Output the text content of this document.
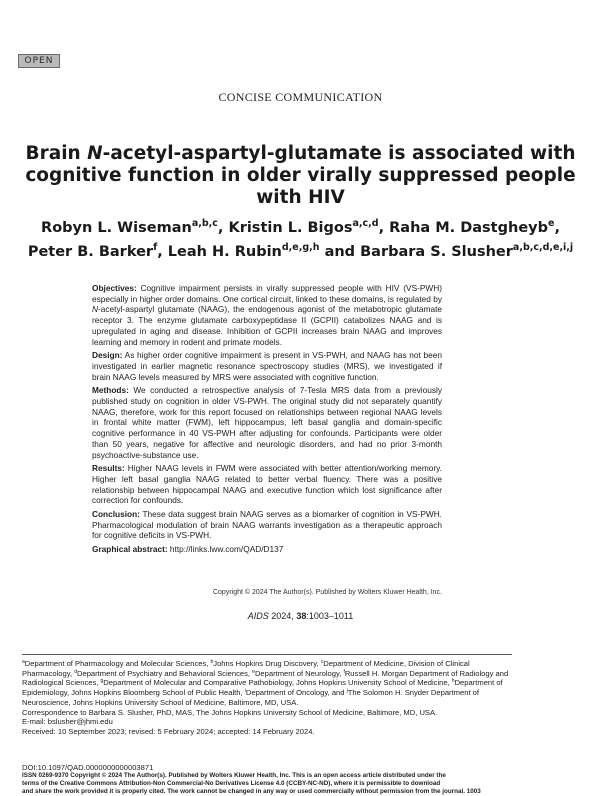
OPEN
CONCISE COMMUNICATION
Brain N-acetyl-aspartyl-glutamate is associated with
cognitive function in older virally suppressed people
with HIV
Robyn L. Wiseman$^{a,b,c}$, Kristin L. Bigos$^{a,c,d}$, Raha M. Dastgheyb$^e$,
Peter B. Barker$^f$, Leah H. Rubin$^{d,e,g,h}$ and Barbara S. Slusher$^{a,b,c,d,e,i,j}$

Objectives: Cognitive impairment persists in virally suppressed people with HIV (VS-PWH) especially in higher order domains. One cortical circuit, linked to these domains, is regulated by N-acetyl-aspartyl glutamate (NAAG), the endogenous agonist of the metabotropic glutamate receptor 3. The enzyme glutamate carboxypeptidase II (GCPII) catabolizes NAAG and is upregulated in aging and disease. Inhibition of GCPII increases brain NAAG and improves learning and memory in rodent and primate models.

Design: As higher order cognitive impairment is present in VS-PWH, and NAAG has not been investigated in earlier magnetic resonance spectroscopy studies (MRS), we investigated if brain NAAG levels measured by MRS were associated with cognitive function.

Methods: We conducted a retrospective analysis of 7-Tesla MRS data from a previously published study on cognition in older VS-PWH. The original study did not separately quantify NAAG, therefore, work for this report focused on relationships between regional NAAG levels in frontal white matter (FWM), left hippocampus, left basal ganglia and domain-specific cognitive performance in 40 VS-PWH after adjusting for confounds. Participants were older than 50 years, negative for affective and neurologic disorders, and had no prior 3-month psychoactive-substance use.

Results: Higher NAAG levels in FWM were associated with better attention/working memory. Higher left basal ganglia NAAG related to better verbal fluency. There was a positive relationship between hippocampal NAAG and executive function which lost significance after correction for confounds.

Conclusion: These data suggest brain NAAG serves as a biomarker of cognition in VS-PWH. Pharmacological modulation of brain NAAG warrants investigation as a therapeutic approach for cognitive deficits in VS-PWH.

Graphical abstract: http://links.lww.com/QAD/D137

Copyright © 2024 The Author(s). Published by Wolters Kluwer Health, Inc.
AIDS 2024, 38:1003–1011

$^a$Department of Pharmacology and Molecular Sciences, $^b$Johns Hopkins Drug Discovery, $^c$Department of Medicine, Division of Clinical Pharmacology, $^d$Department of Psychiatry and Behavioral Sciences, $^e$Department of Neurology, $^f$Russell H. Morgan Department of Radiology and Radiological Sciences, $^g$Department of Molecular and Comparative Pathobiology, Johns Hopkins University School of Medicine, $^h$Department of Epidemiology, Johns Hopkins Bloomberg School of Public Health, $^i$Department of Oncology, and $^j$The Solomon H. Snyder Department of Neuroscience, Johns Hopkins University School of Medicine, Baltimore, MD, USA.

Correspondence to Barbara S. Slusher, PhD, MAS, The Johns Hopkins University School of Medicine, Baltimore, MD, USA.

E-mail: bslusher@jhmi.edu

Received: 10 September 2023; revised: 5 February 2024; accepted: 14 February 2024.

DOI:10.1097/QAD.0000000000003871
ISSN 0269-9370 Copyright © 2024 The Author(s). Published by Wolters Kluwer Health, Inc. This is an open access article distributed under the
terms of the Creative Commons Attribution-Non Commercial-No Derivatives License 4.0 (CCBY-NC-ND), where it is permissible to download
and share the work provided it is properly cited. The work cannot be changed in any way or used commercially without permission from the journal. 1003
